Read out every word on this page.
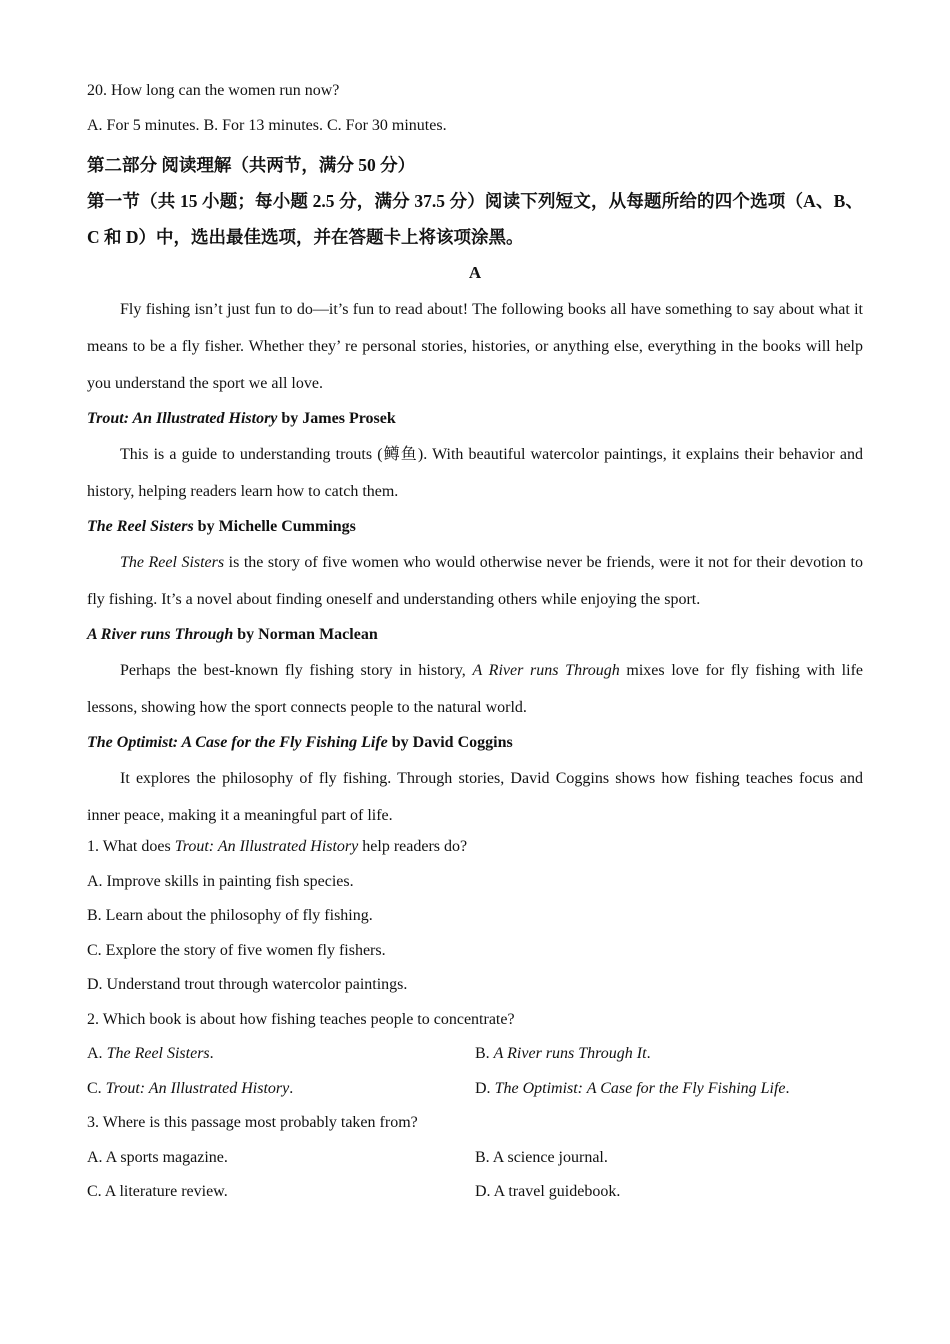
20. How long can the women run now?

A. For 5 minutes. B. For 13 minutes. C. For 30 minutes.

第二部分 阅读理解（共两节，满分 50 分）

第一节（共 15 小题；每小题 2.5 分，满分 37.5 分）阅读下列短文，从每题所给的四个选项（A、B、C 和 D）中，选出最佳选项，并在答题卡上将该项涂黑。

A

Fly fishing isn’t just fun to do—it’s fun to read about! The following books all have something to say about what it means to be a fly fisher. Whether they’ re personal stories, histories, or anything else, everything in the books will help you understand the sport we all love.

Trout: An Illustrated History by James Prosek

This is a guide to understanding trouts (鳟鱼). With beautiful watercolor paintings, it explains their behavior and history, helping readers learn how to catch them.

The Reel Sisters by Michelle Cummings

The Reel Sisters is the story of five women who would otherwise never be friends, were it not for their devotion to fly fishing. It’s a novel about finding oneself and understanding others while enjoying the sport.

A River runs Through by Norman Maclean

Perhaps the best-known fly fishing story in history, A River runs Through mixes love for fly fishing with life lessons, showing how the sport connects people to the natural world.

The Optimist: A Case for the Fly Fishing Life by David Coggins

It explores the philosophy of fly fishing. Through stories, David Coggins shows how fishing teaches focus and inner peace, making it a meaningful part of life.

1. What does Trout: An Illustrated History help readers do?

A. Improve skills in painting fish species.

B. Learn about the philosophy of fly fishing.

C. Explore the story of five women fly fishers.

D. Understand trout through watercolor paintings.

2. Which book is about how fishing teaches people to concentrate?

A. The Reel Sisters.	B. A River runs Through It.

C. Trout: An Illustrated History.	D. The Optimist: A Case for the Fly Fishing Life.

3. Where is this passage most probably taken from?

A. A sports magazine.	B. A science journal.

C. A literature review.	D. A travel guidebook.
